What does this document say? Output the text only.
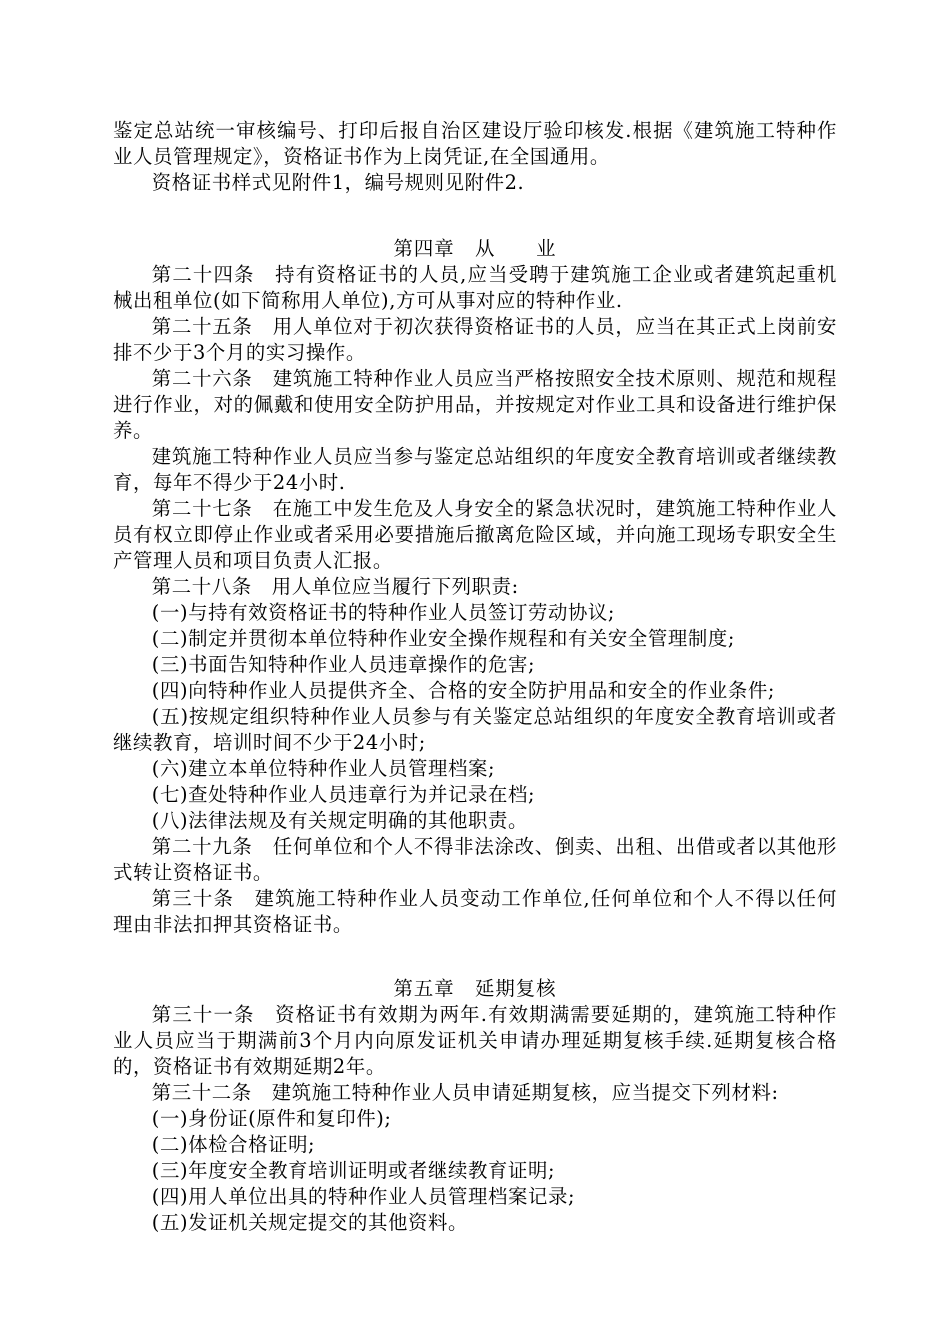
鉴定总站统一审核编号、打印后报自治区建设厅验印核发.根据《建筑施工特种作业人员管理规定》，资格证书作为上岗凭证,在全国通用。

资格证书样式见附件1，编号规则见附件2.

第四章　从　　业

第二十四条　持有资格证书的人员,应当受聘于建筑施工企业或者建筑起重机械出租单位(如下简称用人单位),方可从事对应的特种作业.

第二十五条　用人单位对于初次获得资格证书的人员，应当在其正式上岗前安排不少于3个月的实习操作。

第二十六条　建筑施工特种作业人员应当严格按照安全技术原则、规范和规程进行作业，对的佩戴和使用安全防护用品，并按规定对作业工具和设备进行维护保养。

建筑施工特种作业人员应当参与鉴定总站组织的年度安全教育培训或者继续教育，每年不得少于24小时.

第二十七条　在施工中发生危及人身安全的紧急状况时，建筑施工特种作业人员有权立即停止作业或者采用必要措施后撤离危险区域，并向施工现场专职安全生产管理人员和项目负责人汇报。

第二十八条　用人单位应当履行下列职责:

(一)与持有效资格证书的特种作业人员签订劳动协议;

(二)制定并贯彻本单位特种作业安全操作规程和有关安全管理制度;

(三)书面告知特种作业人员违章操作的危害;

(四)向特种作业人员提供齐全、合格的安全防护用品和安全的作业条件;

(五)按规定组织特种作业人员参与有关鉴定总站组织的年度安全教育培训或者继续教育，培训时间不少于24小时;

(六)建立本单位特种作业人员管理档案;

(七)查处特种作业人员违章行为并记录在档;

(八)法律法规及有关规定明确的其他职责。

第二十九条　任何单位和个人不得非法涂改、倒卖、出租、出借或者以其他形式转让资格证书。

第三十条　建筑施工特种作业人员变动工作单位,任何单位和个人不得以任何理由非法扣押其资格证书。

第五章　延期复核

第三十一条　资格证书有效期为两年.有效期满需要延期的，建筑施工特种作业人员应当于期满前3个月内向原发证机关申请办理延期复核手续.延期复核合格的，资格证书有效期延期2年。

第三十二条　建筑施工特种作业人员申请延期复核，应当提交下列材料:

(一)身份证(原件和复印件);

(二)体检合格证明;

(三)年度安全教育培训证明或者继续教育证明;

(四)用人单位出具的特种作业人员管理档案记录;

(五)发证机关规定提交的其他资料。
